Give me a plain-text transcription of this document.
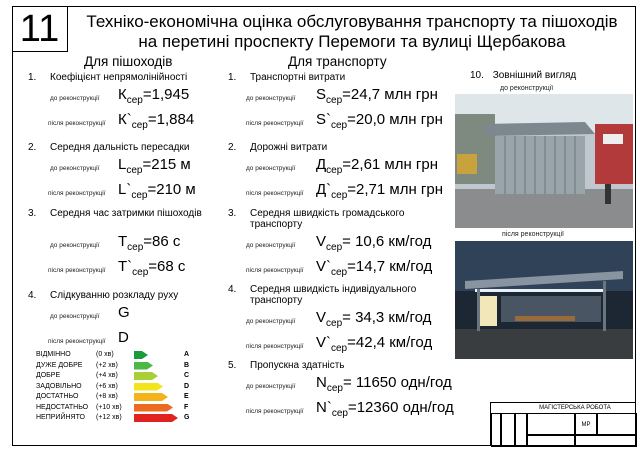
11	Техніко-економічна оцінка обслуговування транспорту та пішоходів
на перетині проспекту Перемоги та вулиці Щербакова
Для пішоходів
1. Коефіцієнт непрямолінійності
до реконструкції $К_{сер}=1,945$
після реконструкції $К`_{сер}=1,884$
2. Середня дальність пересадки
до реконструкції $L_{сер}=215$ м
після реконструкції $L`_{сер}=210$ м
3. Середня час затримки пішоходів
до реконструкції $Т_{сер}=86$ с
після реконструкції $Т`_{сер}=68$ с
4. Слідкуванню розкладу руху
до реконструкції G
після реконструкції D
1. Транспортні витрати
до реконструкції $S_{сер}=24,7$ млн грн
після реконструкції $S`_{сер}=20,0$ млн грн
2. Дорожні витрати
до реконструкції $Д_{сер}=2,61$ млн грн
після реконструкції $Д`_{сер}=2,71$ млн грн
3. Середня швидкість громадського транспорту
до реконструкції $V_{сер}= 10,6$ км/год
після реконструкції $V`_{сер}=14,7$ км/год
4. Середня швидкість індивідуального транспорту
до реконструкції $V_{сер}= 34,3$ км/год
після реконструкції $V`_{сер}=42,4$ км/год
5. Пропускна здатність
до реконструкції $N_{сер}= 11650$ одн/год
після реконструкції $N`_{сер}=12360$ одн/год
Для транспорту
10. Зовнішний вигляд
до реконструкції
після реконструкції
ВІДМІННО	(0 хв)	A
ДУЖЕ ДОБРЕ (+2 хв)	B
ДОБРЕ	(+4 хв)	C
ЗАДОВІЛЬНО (+6 хв)	D
ДОСТАТНЬО	(+8 хв)	E
НЕДОСТАТНЬО (+10 хв)	F
НЕПРИЙНЯТО (+12 хв)	G
МАГІСТЕРСЬКА РОБОТА
МР
